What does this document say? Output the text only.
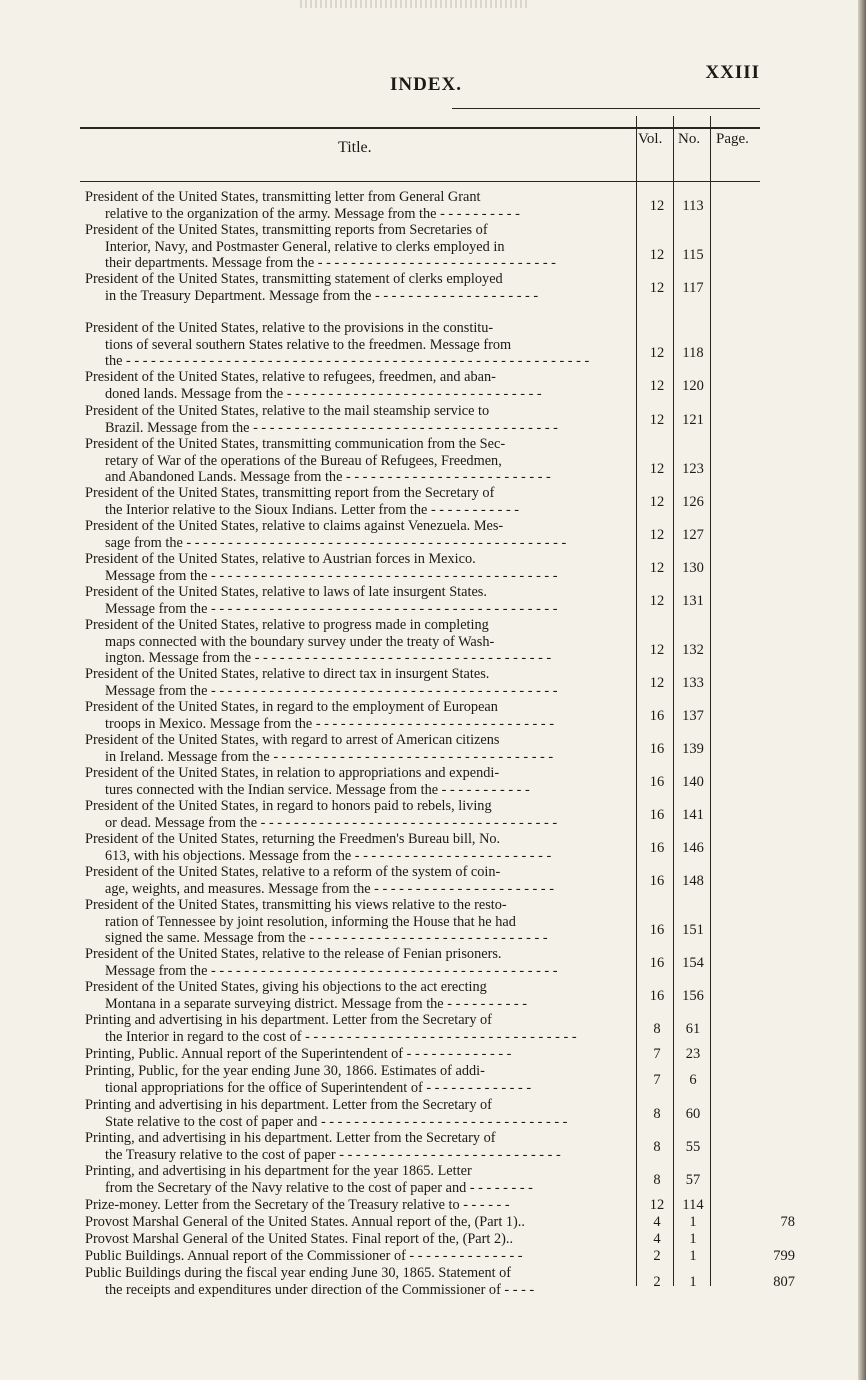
INDEX.
XXIII
Title.	Vol. No. Page.
President of the United States, transmitting letter from General Grant
relative to the organization of the army. Message from the - - - - - - - - - -	12	113
President of the United States, transmitting reports from Secretaries of
Interior, Navy, and Postmaster General, relative to clerks employed in
their departments. Message from the - - - - - - - - - - - - - - - - - - - - - - - - - - - - -	12	115
President of the United States, transmitting statement of clerks employed
in the Treasury Department. Message from the - - - - - - - - - - - - - - - - - - - -	12	117
President of the United States, relative to the provisions in the constitu-
tions of several southern States relative to the freedmen. Message from
the - - - - - - - - - - - - - - - - - - - - - - - - - - - - - - - - - - - - - - - - - - - - - - - - - - - - - - - -	12	118
President of the United States, relative to refugees, freedmen, and aban-
doned lands. Message from the - - - - - - - - - - - - - - - - - - - - - - - - - - - - - - -	12	120
President of the United States, relative to the mail steamship service to
Brazil. Message from the - - - - - - - - - - - - - - - - - - - - - - - - - - - - - - - - - - - - -	12	121
President of the United States, transmitting communication from the Sec-
retary of War of the operations of the Bureau of Refugees, Freedmen,
and Abandoned Lands. Message from the - - - - - - - - - - - - - - - - - - - - - - - - -	12	123
President of the United States, transmitting report from the Secretary of
the Interior relative to the Sioux Indians. Letter from the - - - - - - - - - - -	12	126
President of the United States, relative to claims against Venezuela. Mes-
sage from the - - - - - - - - - - - - - - - - - - - - - - - - - - - - - - - - - - - - - - - - - - - - - -	12	127
President of the United States, relative to Austrian forces in Mexico.
Message from the - - - - - - - - - - - - - - - - - - - - - - - - - - - - - - - - - - - - - - - - - -	12	130
President of the United States, relative to laws of late insurgent States.
Message from the - - - - - - - - - - - - - - - - - - - - - - - - - - - - - - - - - - - - - - - - - -	12	131
President of the United States, relative to progress made in completing
maps connected with the boundary survey under the treaty of Wash-
ington. Message from the - - - - - - - - - - - - - - - - - - - - - - - - - - - - - - - - - - - -	12	132
President of the United States, relative to direct tax in insurgent States.
Message from the - - - - - - - - - - - - - - - - - - - - - - - - - - - - - - - - - - - - - - - - - -	12	133
President of the United States, in regard to the employment of European
troops in Mexico. Message from the - - - - - - - - - - - - - - - - - - - - - - - - - - - - -	16	137
President of the United States, with regard to arrest of American citizens
in Ireland. Message from the - - - - - - - - - - - - - - - - - - - - - - - - - - - - - - - - - -	16	139
President of the United States, in relation to appropriations and expendi-
tures connected with the Indian service. Message from the - - - - - - - - - - -	16	140
President of the United States, in regard to honors paid to rebels, living
or dead. Message from the - - - - - - - - - - - - - - - - - - - - - - - - - - - - - - - - - - - -	16	141
President of the United States, returning the Freedmen's Bureau bill, No.
613, with his objections. Message from the - - - - - - - - - - - - - - - - - - - - - - - -	16	146
President of the United States, relative to a reform of the system of coin-
age, weights, and measures. Message from the - - - - - - - - - - - - - - - - - - - - - -	16	148
President of the United States, transmitting his views relative to the resto-
ration of Tennessee by joint resolution, informing the House that he had
signed the same. Message from the - - - - - - - - - - - - - - - - - - - - - - - - - - - - -	16	151
President of the United States, relative to the release of Fenian prisoners.
Message from the - - - - - - - - - - - - - - - - - - - - - - - - - - - - - - - - - - - - - - - - - -	16	154
President of the United States, giving his objections to the act erecting
Montana in a separate surveying district. Message from the - - - - - - - - - -	16	156
Printing and advertising in his department. Letter from the Secretary of
the Interior in regard to the cost of - - - - - - - - - - - - - - - - - - - - - - - - - - - - - - - - -	8	61
Printing, Public. Annual report of the Superintendent of - - - - - - - - - - - - -	7	23
Printing, Public, for the year ending June 30, 1866. Estimates of addi-
tional appropriations for the office of Superintendent of - - - - - - - - - - - - -	7	6
Printing and advertising in his department. Letter from the Secretary of
State relative to the cost of paper and - - - - - - - - - - - - - - - - - - - - - - - - - - - - - -	8	60
Printing, and advertising in his department. Letter from the Secretary of
the Treasury relative to the cost of paper - - - - - - - - - - - - - - - - - - - - - - - - - - -	8	55
Printing, and advertising in his department for the year 1865. Letter
from the Secretary of the Navy relative to the cost of paper and - - - - - - - -	8	57
Prize-money. Letter from the Secretary of the Treasury relative to - - - - - -	12	114
Provost Marshal General of the United States. Annual report of the, (Part 1)..	4	1	78
Provost Marshal General of the United States. Final report of the, (Part 2)..	4	1
Public Buildings. Annual report of the Commissioner of - - - - - - - - - - - - - -	2	1	799
Public Buildings during the fiscal year ending June 30, 1865. Statement of
the receipts and expenditures under direction of the Commissioner of - - - -	2	1	807
